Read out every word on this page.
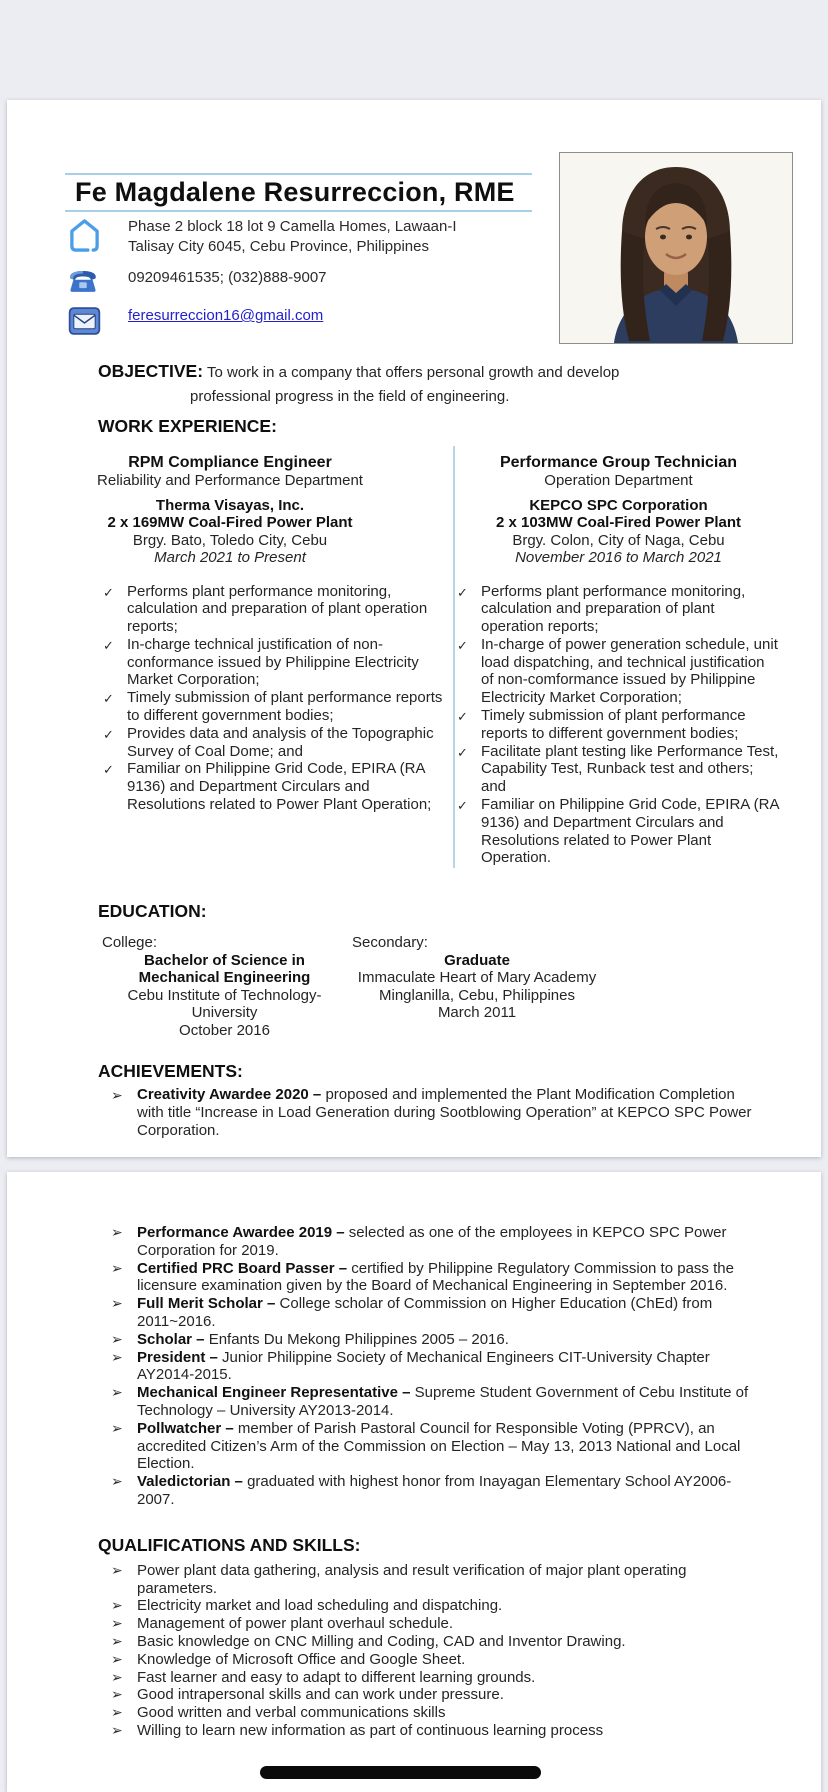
Fe Magdalene Resurreccion, RME
Phase 2 block 18 lot 9 Camella Homes, Lawaan-I
Talisay City 6045, Cebu Province, Philippines
09209461535; (032)888-9007
feresurreccion16@gmail.com
OBJECTIVE: To work in a company that offers personal growth and develop
professional progress in the field of engineering.
WORK EXPERIENCE:
RPM Compliance Engineer
Reliability and Performance Department
Therma Visayas, Inc.
2 x 169MW Coal-Fired Power Plant
Brgy. Bato, Toledo City, Cebu
March 2021 to Present
✓ Performs plant performance monitoring, calculation and preparation of plant operation reports;
✓ In-charge technical justification of non-conformance issued by Philippine Electricity Market Corporation;
✓ Timely submission of plant performance reports to different government bodies;
✓ Provides data and analysis of the Topographic Survey of Coal Dome; and
✓ Familiar on Philippine Grid Code, EPIRA (RA 9136) and Department Circulars and Resolutions related to Power Plant Operation;
Performance Group Technician
Operation Department
KEPCO SPC Corporation
2 x 103MW Coal-Fired Power Plant
Brgy. Colon, City of Naga, Cebu
November 2016 to March 2021
✓ Performs plant performance monitoring, calculation and preparation of plant operation reports;
✓ In-charge of power generation schedule, unit load dispatching, and technical justification of non-comformance issued by Philippine Electricity Market Corporation;
✓ Timely submission of plant performance reports to different government bodies;
✓ Facilitate plant testing like Performance Test, Capability Test, Runback test and others; and
✓ Familiar on Philippine Grid Code, EPIRA (RA 9136) and Department Circulars and Resolutions related to Power Plant Operation.
EDUCATION:
College:
Bachelor of Science in Mechanical Engineering
Cebu Institute of Technology-University
October 2016
Secondary:
Graduate
Immaculate Heart of Mary Academy
Minglanilla, Cebu, Philippines
March 2011
ACHIEVEMENTS:
➢ Creativity Awardee 2020 – proposed and implemented the Plant Modification Completion with title “Increase in Load Generation during Sootblowing Operation” at KEPCO SPC Power Corporation.
➢ Performance Awardee 2019 – selected as one of the employees in KEPCO SPC Power Corporation for 2019.
➢ Certified PRC Board Passer – certified by Philippine Regulatory Commission to pass the licensure examination given by the Board of Mechanical Engineering in September 2016.
➢ Full Merit Scholar – College scholar of Commission on Higher Education (ChEd) from 2011~2016.
➢ Scholar – Enfants Du Mekong Philippines 2005 – 2016.
➢ President – Junior Philippine Society of Mechanical Engineers CIT-University Chapter AY2014-2015.
➢ Mechanical Engineer Representative – Supreme Student Government of Cebu Institute of Technology – University AY2013-2014.
➢ Pollwatcher – member of Parish Pastoral Council for Responsible Voting (PPRCV), an accredited Citizen’s Arm of the Commission on Election – May 13, 2013 National and Local Election.
➢ Valedictorian – graduated with highest honor from Inayagan Elementary School AY2006-2007.
QUALIFICATIONS AND SKILLS:
➢ Power plant data gathering, analysis and result verification of major plant operating parameters.
➢ Electricity market and load scheduling and dispatching.
➢ Management of power plant overhaul schedule.
➢ Basic knowledge on CNC Milling and Coding, CAD and Inventor Drawing.
➢ Knowledge of Microsoft Office and Google Sheet.
➢ Fast learner and easy to adapt to different learning grounds.
➢ Good intrapersonal skills and can work under pressure.
➢ Good written and verbal communications skills
➢ Willing to learn new information as part of continuous learning process
